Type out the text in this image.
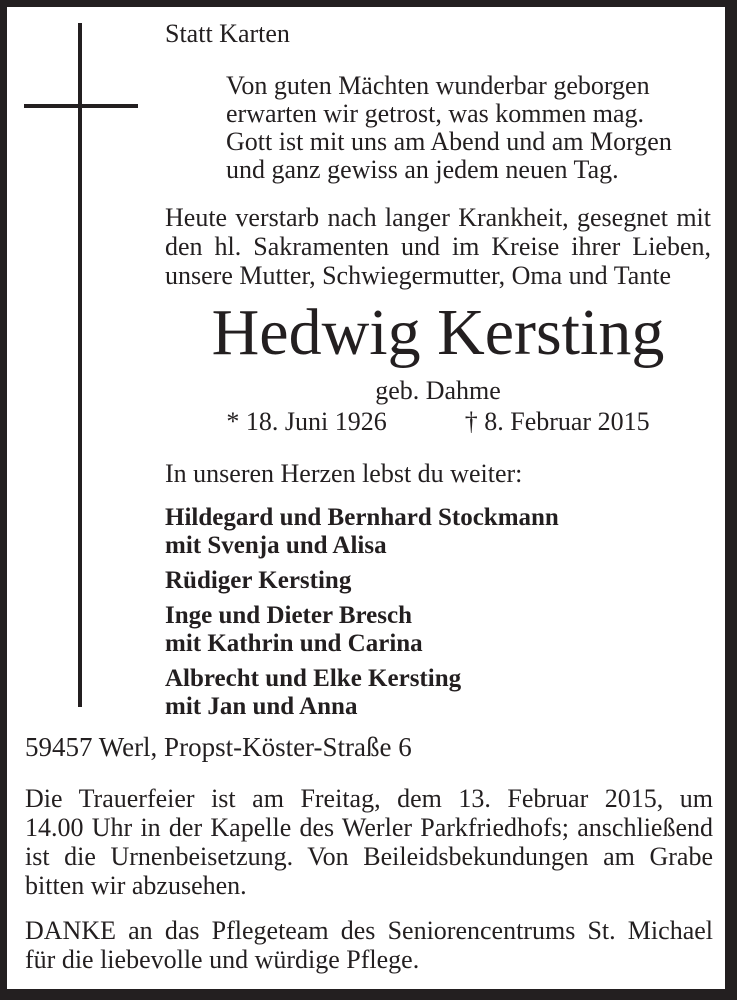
Statt Karten
Von guten Mächten wunderbar geborgen
erwarten wir getrost, was kommen mag.
Gott ist mit uns am Abend und am Morgen
und ganz gewiss an jedem neuen Tag.
Heute verstarb nach langer Krankheit, gesegnet mit
den hl. Sakramenten und im Kreise ihrer Lieben,
unsere Mutter, Schwiegermutter, Oma und Tante
Hedwig Kersting
geb. Dahme
* 18. Juni 1926	† 8. Februar 2015
In unseren Herzen lebst du weiter:
Hildegard und Bernhard Stockmann
mit Svenja und Alisa
Rüdiger Kersting
Inge und Dieter Bresch
mit Kathrin und Carina
Albrecht und Elke Kersting
mit Jan und Anna
59457 Werl, Propst-Köster-Straße 6
Die Trauerfeier ist am Freitag, dem 13. Februar 2015, um
14.00 Uhr in der Kapelle des Werler Parkfriedhofs; anschließend
ist die Urnenbeisetzung. Von Beileidsbekundungen am Grabe
bitten wir abzusehen.
DANKE an das Pflegeteam des Seniorencentrums St. Michael
für die liebevolle und würdige Pflege.
